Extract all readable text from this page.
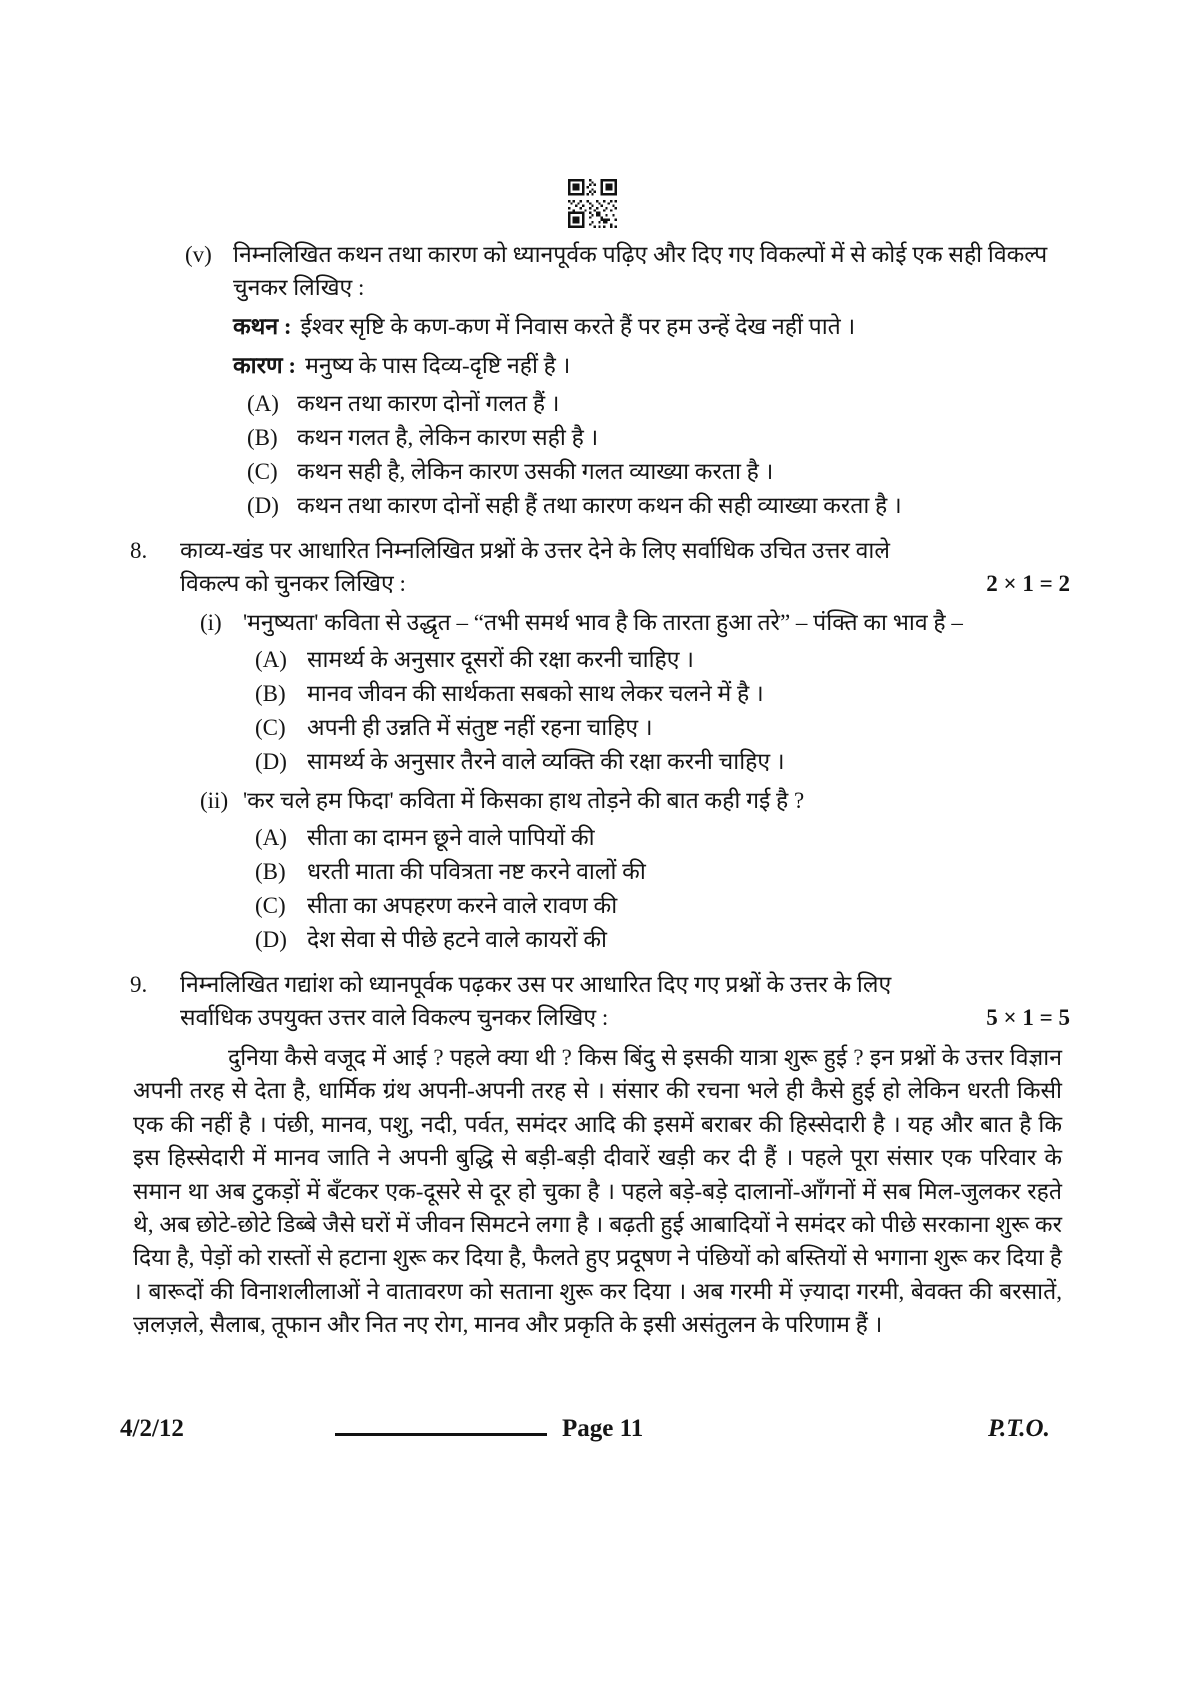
(v) निम्नलिखित कथन तथा कारण को ध्यानपूर्वक पढ़िए और दिए गए विकल्पों में से कोई एक सही विकल्प चुनकर लिखिए :

कथन : ईश्वर सृष्टि के कण-कण में निवास करते हैं पर हम उन्हें देख नहीं पाते ।

कारण : मनुष्य के पास दिव्य-दृष्टि नहीं है ।

(A) कथन तथा कारण दोनों गलत हैं ।
(B) कथन गलत है, लेकिन कारण सही है ।
(C) कथन सही है, लेकिन कारण उसकी गलत व्याख्या करता है ।
(D) कथन तथा कारण दोनों सही हैं तथा कारण कथन की सही व्याख्या करता है ।
8.	काव्य-खंड पर आधारित निम्नलिखित प्रश्नों के उत्तर देने के लिए सर्वाधिक उचित उत्तर वाले विकल्प को चुनकर लिखिए :	2 × 1 = 2
(i) 'मनुष्यता' कविता से उद्धृत – “तभी समर्थ भाव है कि तारता हुआ तरे” – पंक्ति का भाव है –
(A) सामर्थ्य के अनुसार दूसरों की रक्षा करनी चाहिए ।
(B) मानव जीवन की सार्थकता सबको साथ लेकर चलने में है ।
(C) अपनी ही उन्नति में संतुष्ट नहीं रहना चाहिए ।
(D) सामर्थ्य के अनुसार तैरने वाले व्यक्ति की रक्षा करनी चाहिए ।
(ii) 'कर चले हम फिदा' कविता में किसका हाथ तोड़ने की बात कही गई है ?
(A) सीता का दामन छूने वाले पापियों की
(B) धरती माता की पवित्रता नष्ट करने वालों की
(C) सीता का अपहरण करने वाले रावण की
(D) देश सेवा से पीछे हटने वाले कायरों की
9.	निम्नलिखित गद्यांश को ध्यानपूर्वक पढ़कर उस पर आधारित दिए गए प्रश्नों के उत्तर के लिए सर्वाधिक उपयुक्त उत्तर वाले विकल्प चुनकर लिखिए :	5 × 1 = 5

दुनिया कैसे वजूद में आई ? पहले क्या थी ? किस बिंदु से इसकी यात्रा शुरू हुई ? इन प्रश्नों के उत्तर विज्ञान अपनी तरह से देता है, धार्मिक ग्रंथ अपनी-अपनी तरह से । संसार की रचना भले ही कैसे हुई हो लेकिन धरती किसी एक की नहीं है । पंछी, मानव, पशु, नदी, पर्वत, समंदर आदि की इसमें बराबर की हिस्सेदारी है । यह और बात है कि इस हिस्सेदारी में मानव जाति ने अपनी बुद्धि से बड़ी-बड़ी दीवारें खड़ी कर दी हैं । पहले पूरा संसार एक परिवार के समान था अब टुकड़ों में बँटकर एक-दूसरे से दूर हो चुका है । पहले बड़े-बड़े दालानों-आँगनों में सब मिल-जुलकर रहते थे, अब छोटे-छोटे डिब्बे जैसे घरों में जीवन सिमटने लगा है । बढ़ती हुई आबादियों ने समंदर को पीछे सरकाना शुरू कर दिया है, पेड़ों को रास्तों से हटाना शुरू कर दिया है, फैलते हुए प्रदूषण ने पंछियों को बस्तियों से भगाना शुरू कर दिया है । बारूदों की विनाशलीलाओं ने वातावरण को सताना शुरू कर दिया । अब गरमी में ज़्यादा गरमी, बेवक्त की बरसातें, ज़लज़ले, सैलाब, तूफान और नित नए रोग, मानव और प्रकृति के इसी असंतुलन के परिणाम हैं ।

4/2/12	Page 11	P.T.O.
